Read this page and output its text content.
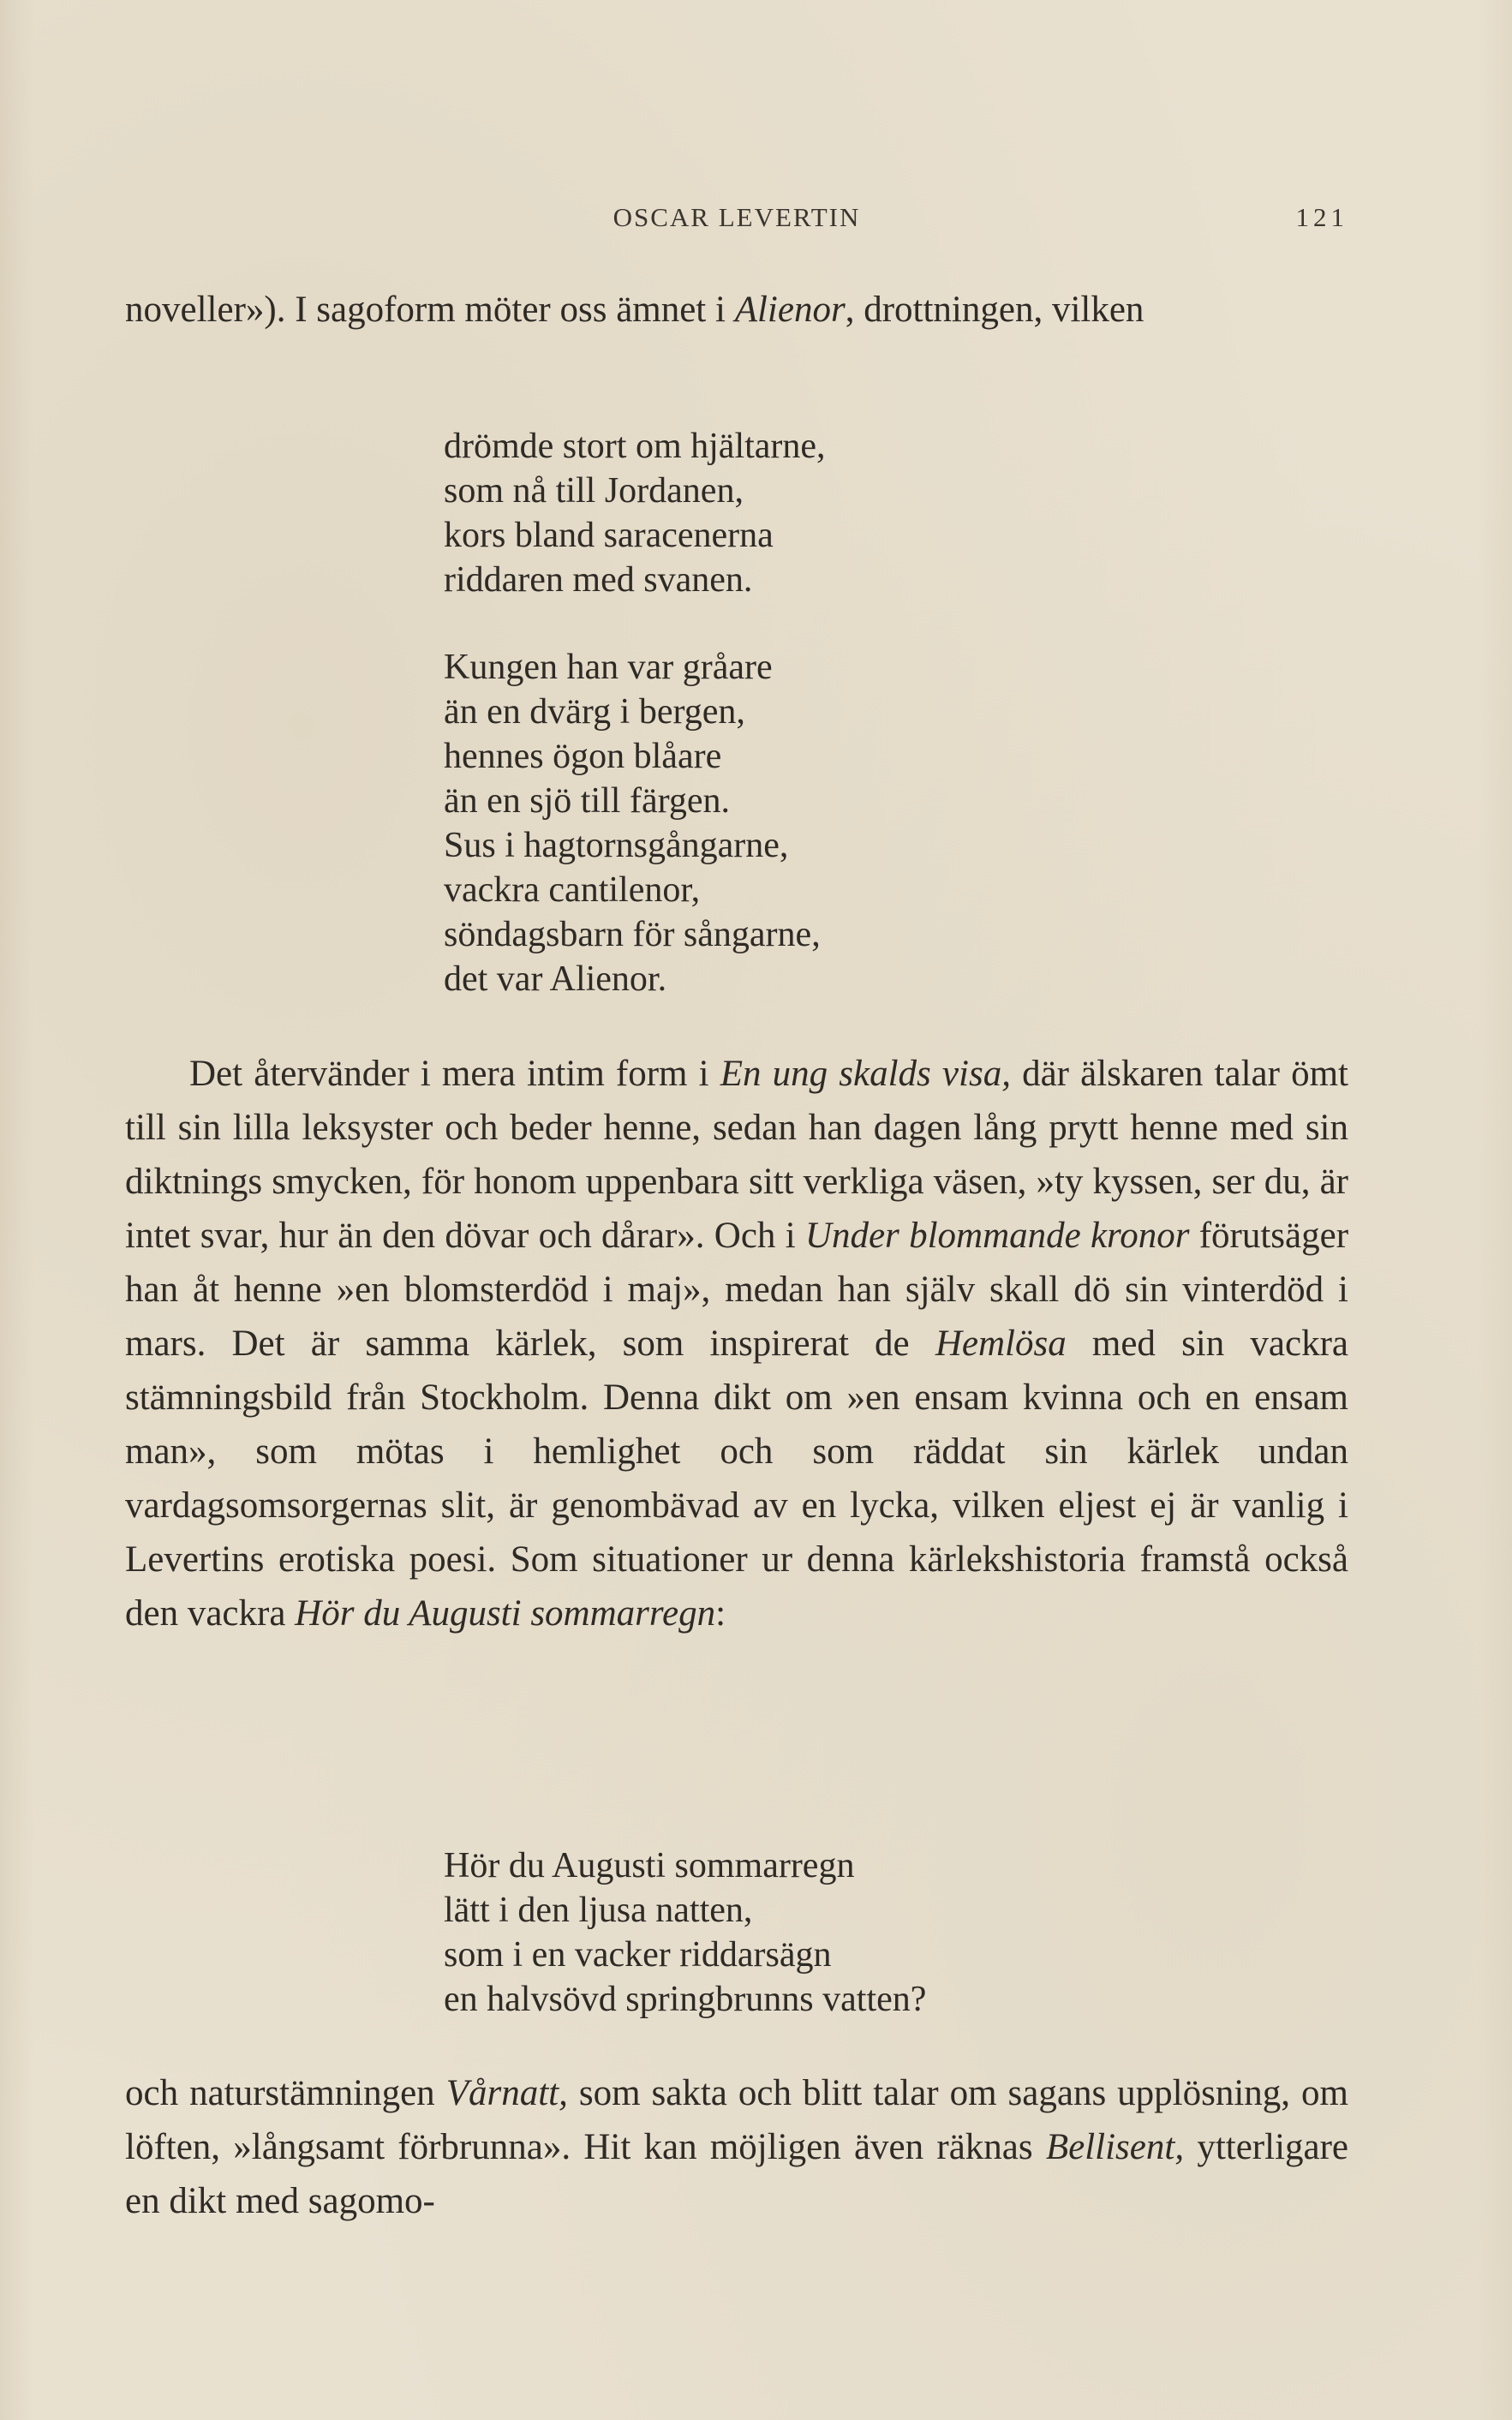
OSCAR LEVERTIN	121

noveller»). I sagoform möter oss ämnet i Alienor, drottningen, vilken

drömde stort om hjältarne,
som nå till Jordanen,
kors bland saracenerna
riddaren med svanen.
Kungen han var gråare
än en dvärg i bergen,
hennes ögon blåare
än en sjö till färgen.
Sus i hagtornsgångarne,
vackra cantilenor,
söndagsbarn för sångarne,
det var Alienor.

Det återvänder i mera intim form i En ung skalds visa, där älskaren talar ömt till sin lilla leksyster och beder henne, sedan han dagen lång prytt henne med sin diktnings smycken, för honom uppenbara sitt verkliga väsen, »ty kyssen, ser du, är intet svar, hur än den dövar och dårar». Och i Under blommande kronor förutsäger han åt henne »en blomsterdöd i maj», medan han själv skall dö sin vinterdöd i mars. Det är samma kärlek, som inspirerat de Hemlösa med sin vackra stämningsbild från Stockholm. Denna dikt om »en ensam kvinna och en ensam man», som mötas i hemlighet och som räddat sin kärlek undan vardagsomsorgernas slit, är genombävad av en lycka, vilken eljest ej är vanlig i Levertins erotiska poesi. Som situationer ur denna kärlekshistoria framstå också den vackra Hör du Augusti sommarregn:

Hör du Augusti sommarregn
lätt i den ljusa natten,
som i en vacker riddarsägn
en halvsövd springbrunns vatten?

och naturstämningen Vårnatt, som sakta och blitt talar om sagans upplösning, om löften, »långsamt förbrunna». Hit kan möjligen även räknas Bellisent, ytterligare en dikt med sagomo-
